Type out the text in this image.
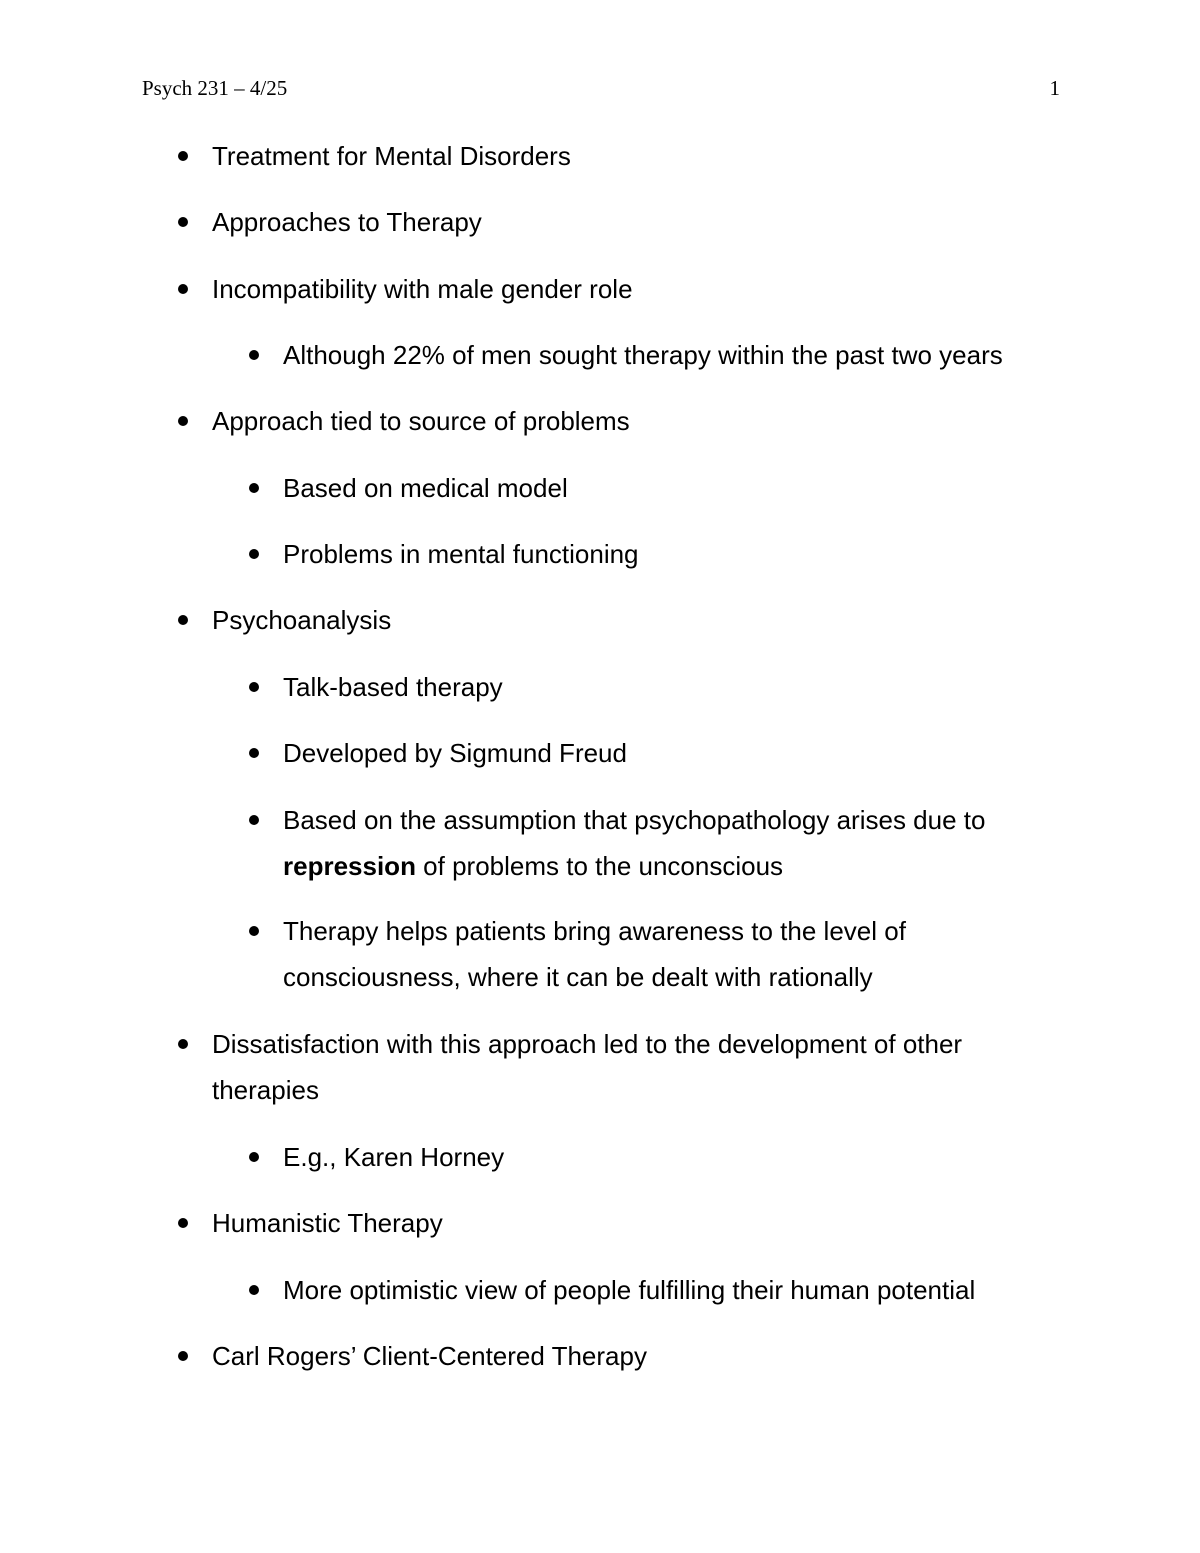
Psych 231 – 4/25	1
Treatment for Mental Disorders
Approaches to Therapy
Incompatibility with male gender role
Although 22% of men sought therapy within the past two years
Approach tied to source of problems
Based on medical model
Problems in mental functioning
Psychoanalysis
Talk-based therapy
Developed by Sigmund Freud
Based on the assumption that psychopathology arises due to repression of problems to the unconscious
Therapy helps patients bring awareness to the level of consciousness, where it can be dealt with rationally
Dissatisfaction with this approach led to the development of other therapies
E.g., Karen Horney
Humanistic Therapy
More optimistic view of people fulfilling their human potential
Carl Rogers’ Client-Centered Therapy
